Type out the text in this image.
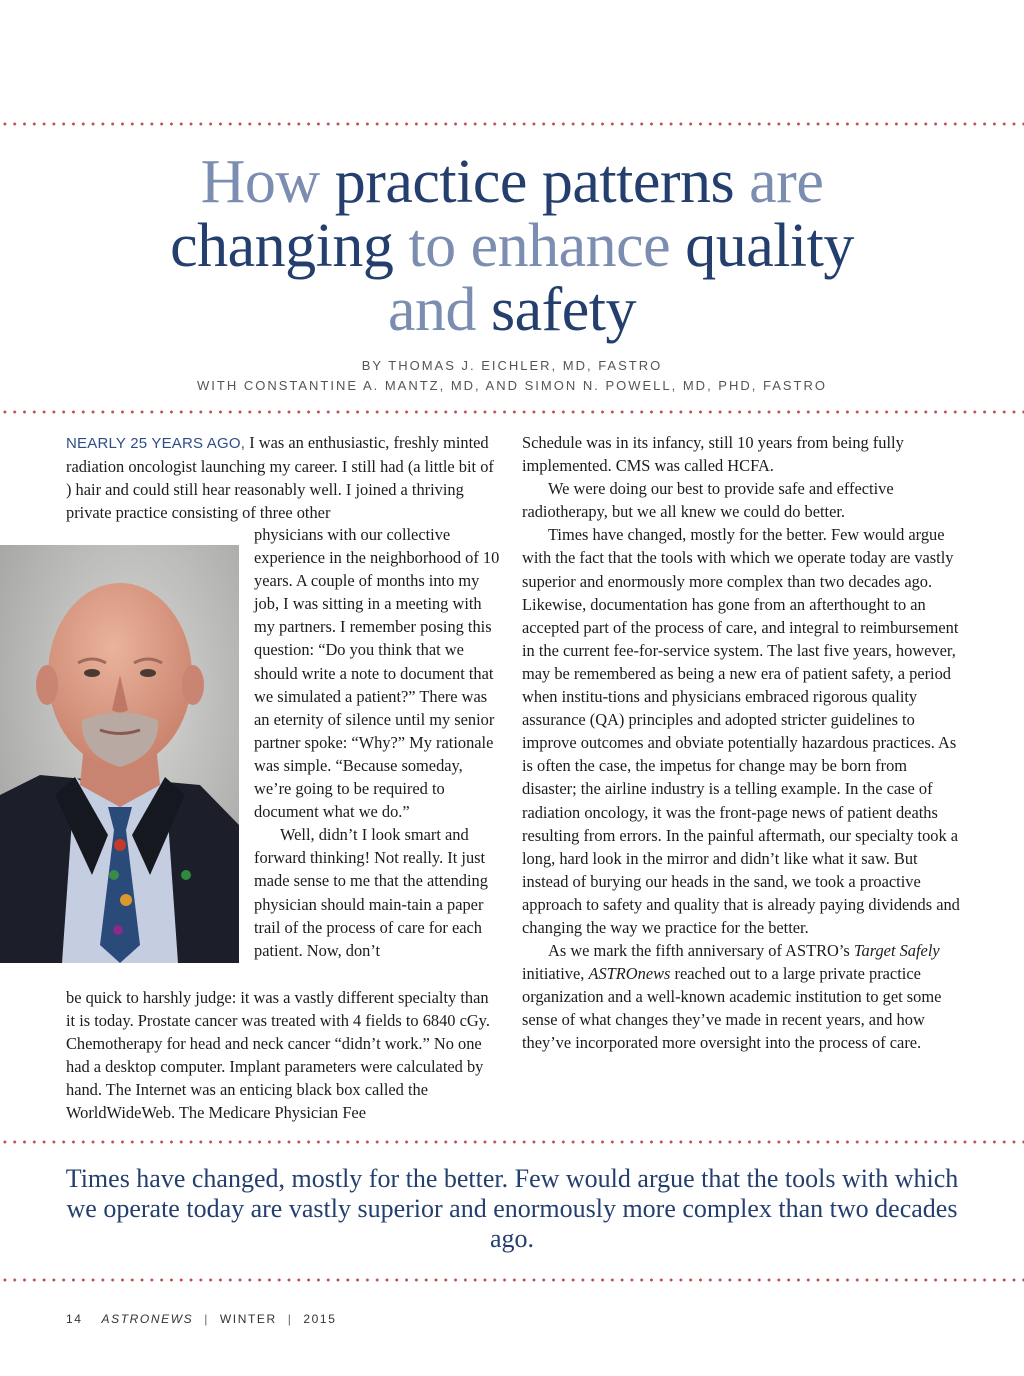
How practice patterns are
changing to enhance quality
and safety
BY THOMAS J. EICHLER, MD, FASTRO
WITH CONSTANTINE A. MANTZ, MD, AND SIMON N. POWELL, MD, PHD, FASTRO

NEARLY 25 YEARS AGO, I was an enthusiastic, freshly minted radiation oncologist launching my career. I still had (a little bit of ) hair and could still hear reasonably well. I joined a thriving private practice consisting of three other

physicians with our collective experience in the neighborhood of 10 years. A couple of months into my job, I was sitting in a meeting with my partners. I remember posing this question: “Do you think that we should write a note to document that we simulated a patient?” There was an eternity of silence until my senior partner spoke: “Why?” My rationale was simple. “Because someday, we’re going to be required to document what we do.”

Well, didn’t I look smart and forward thinking! Not really. It just made sense to me that the attending physician should main-tain a paper trail of the process of care for each patient. Now, don’t

be quick to harshly judge: it was a vastly different specialty than it is today. Prostate cancer was treated with 4 fields to 6840 cGy. Chemotherapy for head and neck cancer “didn’t work.” No one had a desktop computer. Implant parameters were calculated by hand. The Internet was an enticing black box called the WorldWideWeb. The Medicare Physician Fee

Schedule was in its infancy, still 10 years from being fully implemented. CMS was called HCFA.

We were doing our best to provide safe and effective radiotherapy, but we all knew we could do better.

Times have changed, mostly for the better. Few would argue with the fact that the tools with which we operate today are vastly superior and enormously more complex than two decades ago. Likewise, documentation has gone from an afterthought to an accepted part of the process of care, and integral to reimbursement in the current fee-for-service system. The last five years, however, may be remembered as being a new era of patient safety, a period when institu-tions and physicians embraced rigorous quality assurance (QA) principles and adopted stricter guidelines to improve outcomes and obviate potentially hazardous practices. As is often the case, the impetus for change may be born from disaster; the airline industry is a telling example. In the case of radiation oncology, it was the front-page news of patient deaths resulting from errors. In the painful aftermath, our specialty took a long, hard look in the mirror and didn’t like what it saw. But instead of burying our heads in the sand, we took a proactive approach to safety and quality that is already paying dividends and changing the way we practice for the better.

As we mark the fifth anniversary of ASTRO’s Target Safely initiative, ASTROnews reached out to a large private practice organization and a well-known academic institution to get some sense of what changes they’ve made in recent years, and how they’ve incorporated more oversight into the process of care.

Times have changed, mostly for the better. Few would argue that the tools with which we operate today are vastly superior and enormously more complex than two decades ago.
14 ASTRONEWS | WINTER | 2015
